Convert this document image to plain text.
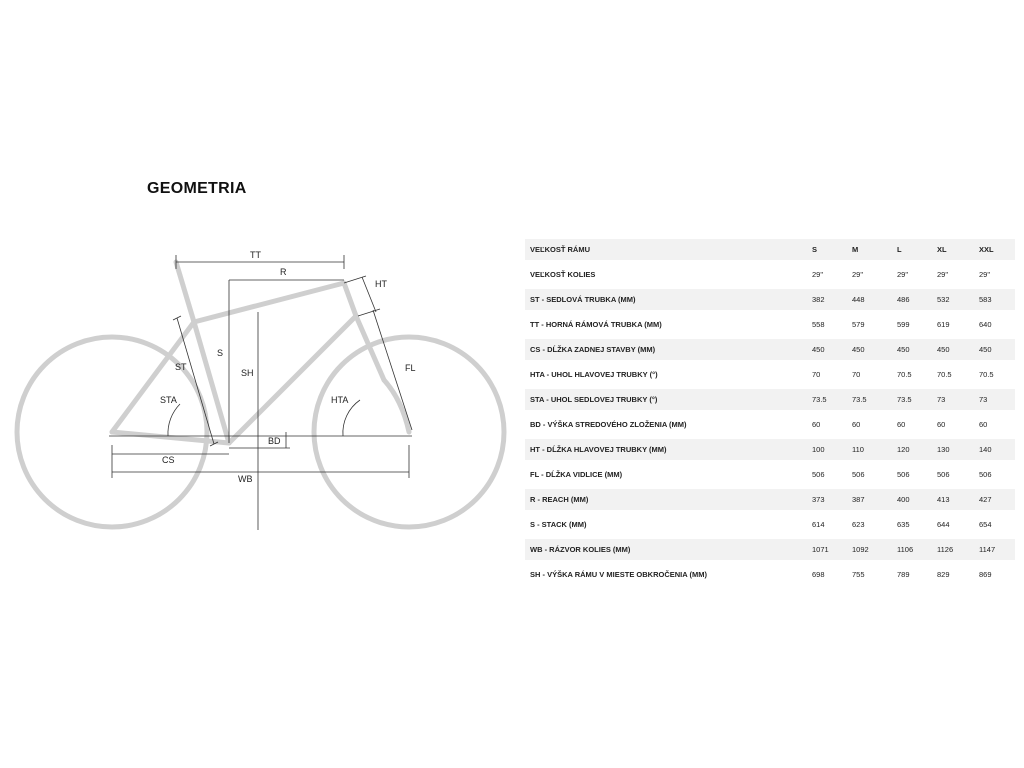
GEOMETRIA
TT
R
HT
ST
S
SH
STA	HTA
FL
BD
CS
WB
VEĽKOSŤ RÁMU	S	M	L	XL	XXL
VEĽKOSŤ KOLIES	29"	29"	29"	29"	29"
ST - SEDLOVÁ TRUBKA (MM)	382	448	486	532	583
TT - HORNÁ RÁMOVÁ TRUBKA (MM)	558	579	599	619	640
CS - DĹŽKA ZADNEJ STAVBY (MM)	450	450	450	450	450
HTA - UHOL HLAVOVEJ TRUBKY (°)	70	70	70.5	70.5	70.5
STA - UHOL SEDLOVEJ TRUBKY (°)	73.5	73.5	73.5	73	73
BD - VÝŠKA STREDOVÉHO ZLOŽENIA (MM)	60	60	60	60	60
HT - DĹŽKA HLAVOVEJ TRUBKY (MM)	100	110	120	130	140
FL - DĹŽKA VIDLICE (MM)	506	506	506	506	506
R - REACH (MM)	373	387	400	413	427
S - STACK (MM)	614	623	635	644	654
WB - RÁZVOR KOLIES (MM)	1071	1092	1106	1126	1147
SH - VÝŠKA RÁMU V MIESTE OBKROČENIA (MM)	698	755	789	829	869
